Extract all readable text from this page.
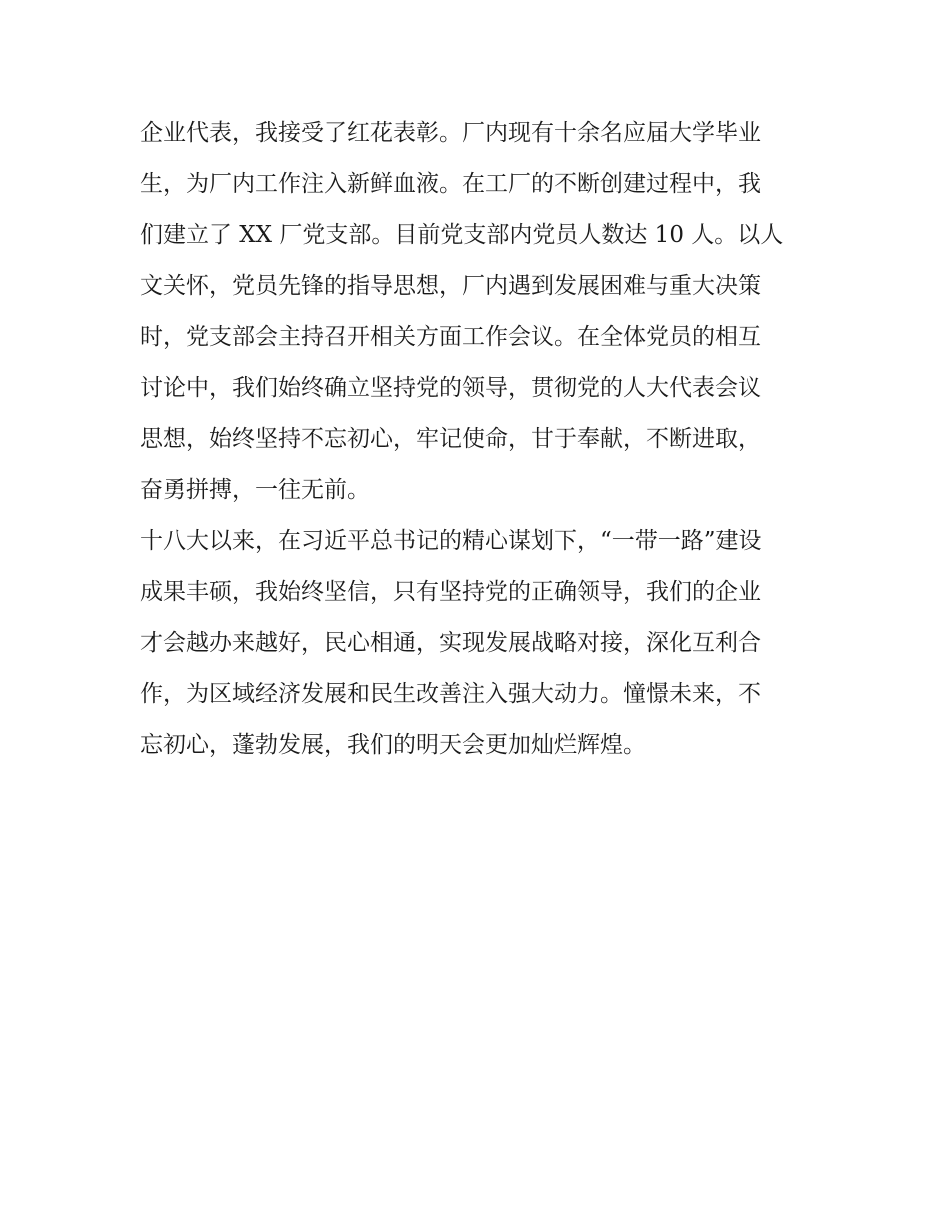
企业代表，我接受了红花表彰。厂内现有十余名应届大学毕业
生，为厂内工作注入新鲜血液。在工厂的不断创建过程中，我
们建立了 XX 厂党支部。目前党支部内党员人数达 10 人。以人
文关怀，党员先锋的指导思想，厂内遇到发展困难与重大决策
时，党支部会主持召开相关方面工作会议。在全体党员的相互
讨论中，我们始终确立坚持党的领导，贯彻党的人大代表会议
思想，始终坚持不忘初心，牢记使命，甘于奉献，不断进取，
奋勇拼搏，一往无前。
十八大以来，在习近平总书记的精心谋划下，“一带一路”建设
成果丰硕，我始终坚信，只有坚持党的正确领导，我们的企业
才会越办来越好，民心相通，实现发展战略对接，深化互利合
作，为区域经济发展和民生改善注入强大动力。憧憬未来，不
忘初心，蓬勃发展，我们的明天会更加灿烂辉煌。
